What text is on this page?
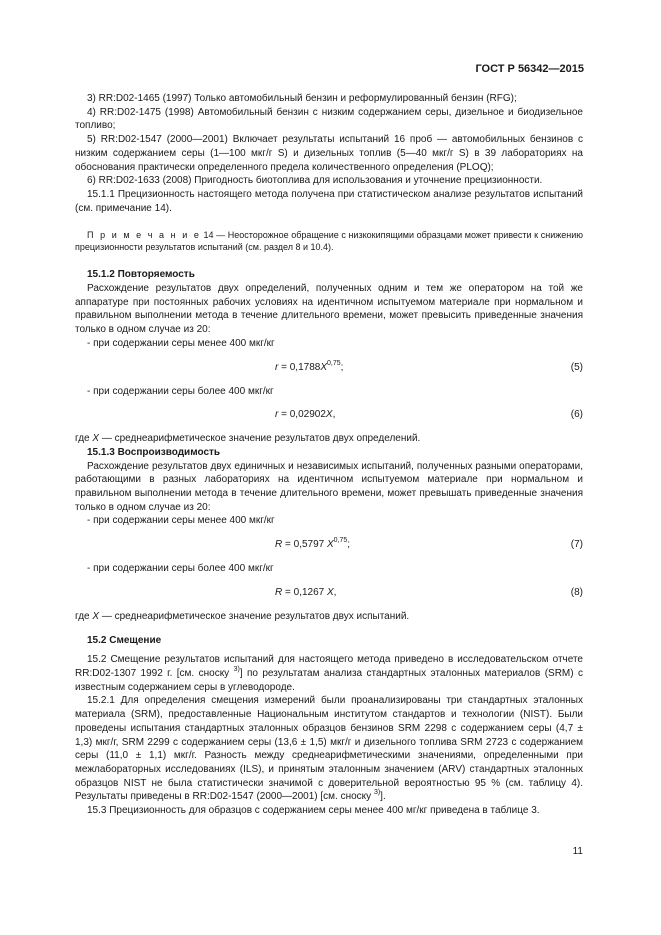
ГОСТ Р 56342—2015

3) RR:D02-1465 (1997) Только автомобильный бензин и реформулированный бензин (RFG);

4) RR:D02-1475 (1998) Автомобильный бензин с низким содержанием серы, дизельное и биодизельное топливо;

5) RR:D02-1547 (2000—2001) Включает результаты испытаний 16 проб — автомобильных бензинов с низким содержанием серы (1—100 мкг/г S) и дизельных топлив (5—40 мкг/г S) в 39 лабораториях на обоснования практически определенного предела количественного определения (PLOQ);

6) RR:D02-1633 (2008) Пригодность биотоплива для использования и уточнение прецизионности.

15.1.1 Прецизионность настоящего метода получена при статистическом анализе результатов испытаний (см. примечание 14).

П р и м е ч а н и е 14 — Неосторожное обращение с низкокипящими образцами может привести к снижению прецизионности результатов испытаний (см. раздел 8 и 10.4).

15.1.2 Повторяемость

Расхождение результатов двух определений, полученных одним и тем же оператором на той же аппаратуре при постоянных рабочих условиях на идентичном испытуемом материале при нормальном и правильном выполнении метода в течение длительного времени, может превысить приведенные значения только в одном случае из 20:

- при содержании серы менее 400 мкг/кг

$r = 0,1788X^{0,75}$;	(5)

- при содержании серы более 400 мкг/кг

r = 0,02902X,	(6)

где X — среднеарифметическое значение результатов двух определений.

15.1.3 Воспроизводимость

Расхождение результатов двух единичных и независимых испытаний, полученных разными операторами, работающими в разных лабораториях на идентичном испытуемом материале при нормальном и правильном выполнении метода в течение длительного времени, может превышать приведенные значения только в одном случае из 20:

- при содержании серы менее 400 мкг/кг

R = 0,5797 X$^{0,75}$;	(7)

- при содержании серы более 400 мкг/кг

R = 0,1267 X,	(8)

где X — среднеарифметическое значение результатов двух испытаний.

15.2 Смещение

15.2 Смещение результатов испытаний для настоящего метода приведено в исследовательском отчете RR:D02-1307 1992 г. [см. сноску $^{3)}$] по результатам анализа стандартных эталонных материалов (SRM) с известным содержанием серы в углеводороде.

15.2.1 Для определения смещения измерений были проанализированы три стандартных эталонных материала (SRM), предоставленные Национальным институтом стандартов и технологии (NIST). Были проведены испытания стандартных эталонных образцов бензинов SRM 2298 с содержанием серы (4,7 ± 1,3) мкг/г, SRM 2299 с содержанием серы (13,6 ± 1,5) мкг/г и дизельного топлива SRM 2723 с содержанием серы (11,0 ± 1,1) мкг/г. Разность между среднеарифметическими значениями, определенными при межлабораторных исследованиях (ILS), и принятым эталонным значением (ARV) стандартных эталонных образцов NIST не была статистически значимой с доверительной вероятностью 95 % (см. таблицу 4). Результаты приведены в RR:D02-1547 (2000—2001) [см. сноску $^{3)}$].

15.3 Прецизионность для образцов с содержанием серы менее 400 мг/кг приведена в таблице 3.

11
